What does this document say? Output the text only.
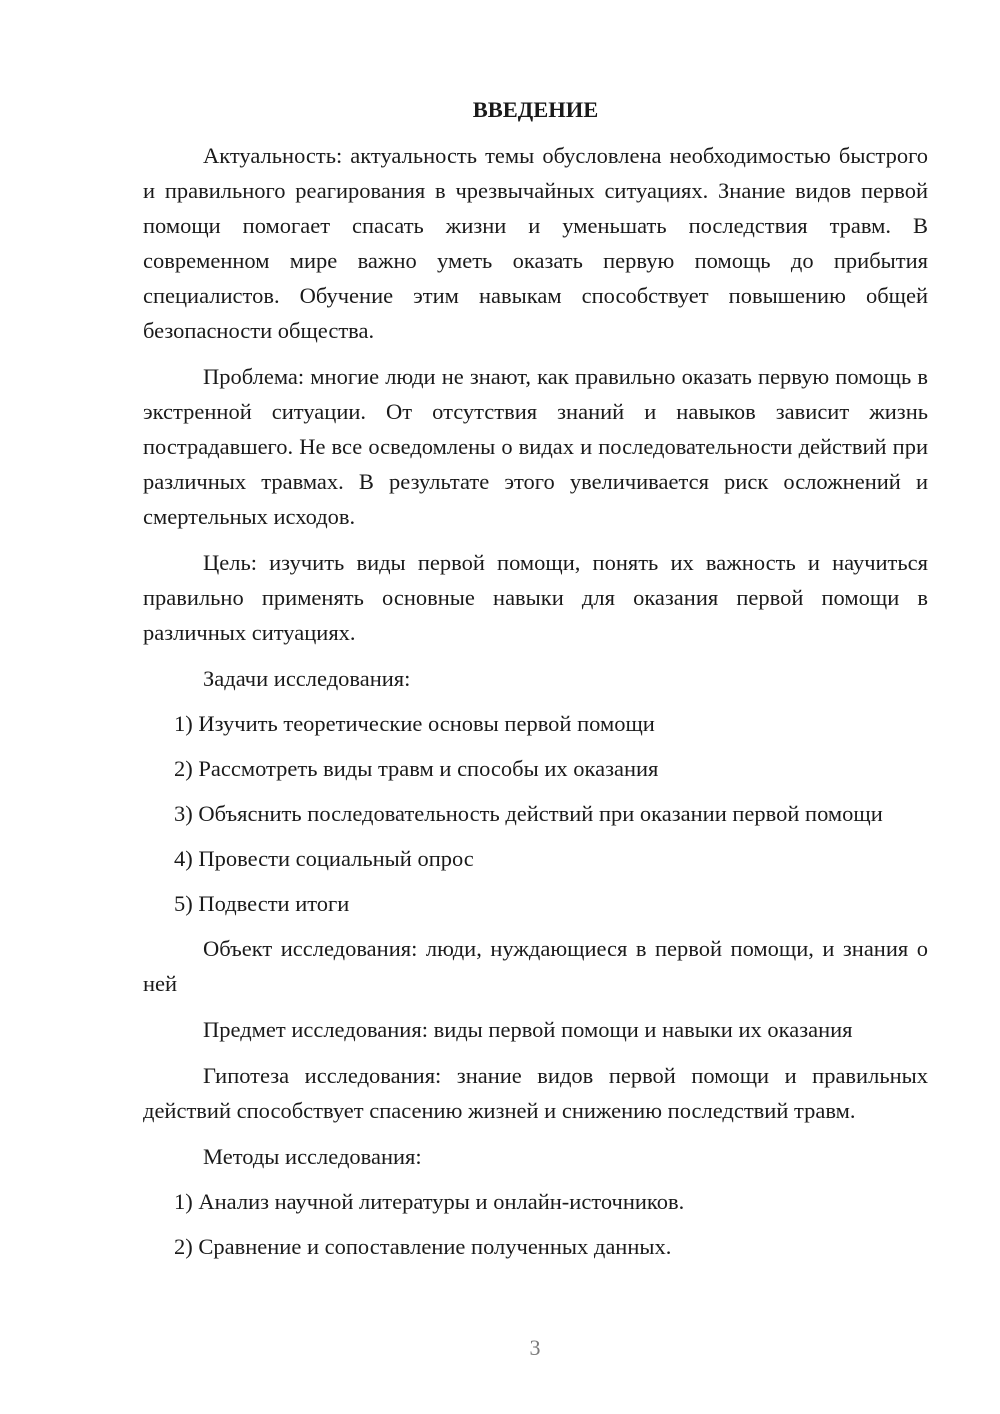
ВВЕДЕНИЕ

Актуальность: актуальность темы обусловлена необходимостью быстрого и правильного реагирования в чрезвычайных ситуациях. Знание видов первой помощи помогает спасать жизни и уменьшать последствия травм. В современном мире важно уметь оказать первую помощь до прибытия специалистов. Обучение этим навыкам способствует повышению общей безопасности общества.

Проблема: многие люди не знают, как правильно оказать первую помощь в экстренной ситуации. От отсутствия знаний и навыков зависит жизнь пострадавшего. Не все осведомлены о видах и последовательности действий при различных травмах. В результате этого увеличивается риск осложнений и смертельных исходов.

Цель: изучить виды первой помощи, понять их важность и научиться правильно применять основные навыки для оказания первой помощи в различных ситуациях.

Задачи исследования:

1) Изучить теоретические основы первой помощи

2) Рассмотреть виды травм и способы их оказания

3) Объяснить последовательность действий при оказании первой помощи

4) Провести социальный опрос

5) Подвести итоги

Объект исследования: люди, нуждающиеся в первой помощи, и знания о ней

Предмет исследования: виды первой помощи и навыки их оказания

Гипотеза исследования: знание видов первой помощи и правильных действий способствует спасению жизней и снижению последствий травм.

Методы исследования:

1) Анализ научной литературы и онлайн-источников.

2) Сравнение и сопоставление полученных данных.

3
